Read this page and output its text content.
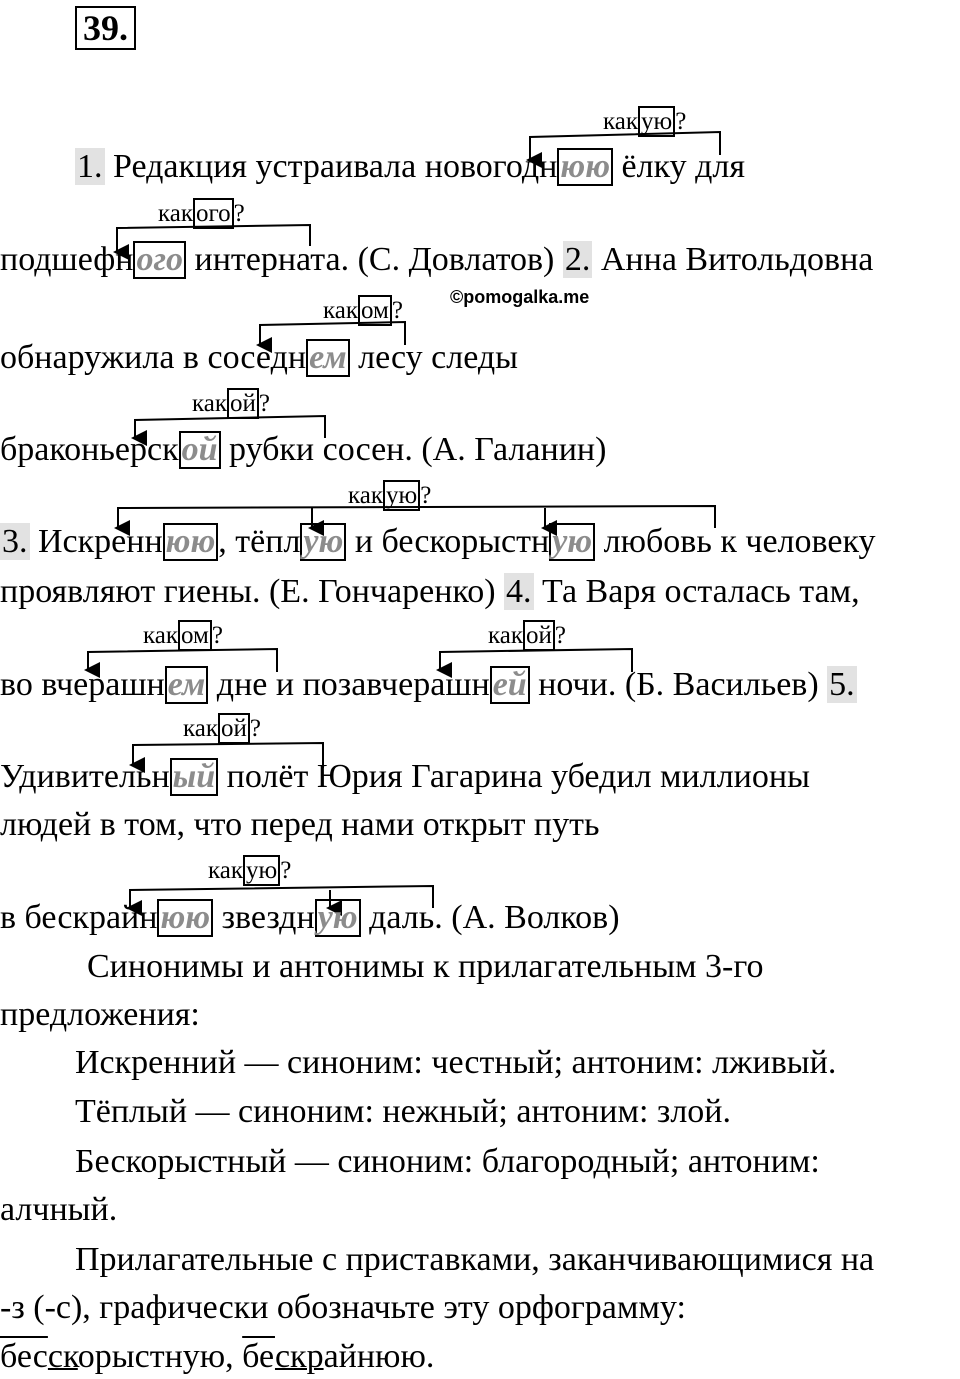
39.
©pomogalka.me
как ую ?
как ого ?
как ом ?
как ой ?
как ую ?
как ом ?	как ой ?
как ой ?
как ую ?
1. Редакция устраивала новогоднюю ёлку для
подшефного интерната. (С. Довлатов) 2. Анна Витольдовна
обнаружила в соседнем лесу следы
браконьерской рубки сосен. (А. Галанин)
3. Искреннюю, тёплую и бескорыстную любовь к человеку
проявляют гиены. (Е. Гончаренко) 4. Та Варя осталась там,
во вчерашнем дне и позавчерашней ночи. (Б. Васильев) 5.
Удивительный полёт Юрия Гагарина убедил миллионы
людей в том, что перед нами открыт путь
в бескрайнюю звездную даль. (А. Волков)
Синонимы и антонимы к прилагательным 3-го
предложения:
Искренний — синоним: честный; антоним: лживый.
Тёплый — синоним: нежный; антоним: злой.
Бескорыстный — синоним: благородный; антоним:
алчный.
Прилагательные с приставками, заканчивающимися на
-з (-с), графически обозначьте эту орфограмму:
бесскорыстную, бескрайнюю.
